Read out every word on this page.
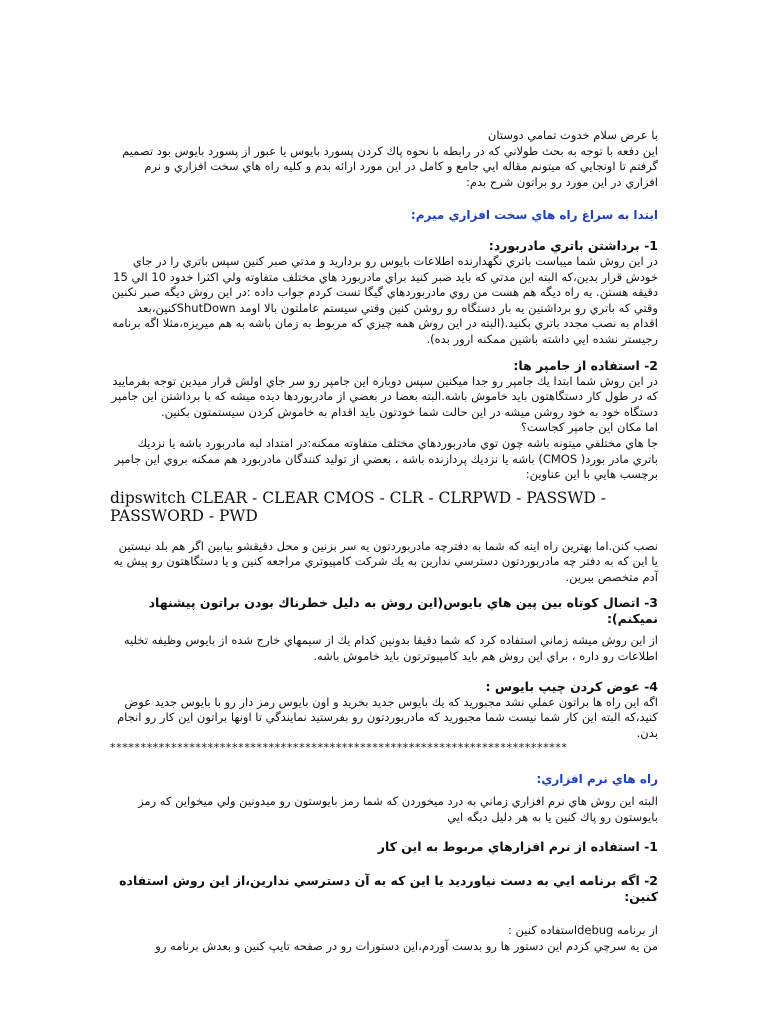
با عرض سلام خدوت تمامي دوستان

اين دفعه با توجه به بحث طولاني كه در رابطه با نحوه پاك كردن پسورد بايوس يا عبور از پسورد بايوس بود تصميم گرفتم تا اونجايي كه ميتونم مقاله ايي جامع و كامل در اين مورد ارائه بدم و كليه راه هاي سخت افزاري و نرم افزاري در اين مورد رو براتون شرح بدم:

ابتدا به سراغ راه هاي سخت افزاري ميرم:

1- برداشتن باتري مادربورد:

در اين روش شما ميباست باتري نگهدارنده اطلاعات بايوس رو برداريد و مدتي صبر كنين سپس باتري را در جاي خودش قرار بدين،كه البته اين مدتي كه بايد صبر كنيد براي مادربورد هاي مختلف متفاوته ولي اكثرا خدود 10 الي 15 دقيقه هستن. يه راه ديگه هم هست من روي مادربوردهاي گيگا تست كردم جواب داده :در اين روش ديگه صبر نكنين وقتي كه باتري رو برداشتين يه بار دستگاه رو روشن كنين وقتي سيستم عاملتون بالا اومد ShutDownكنين،بعد اقدام به نصب مجدد باتري بكنيد.(البته در اين روش همه چيزي كه مربوط به زمان باشه به هم ميريزه،مثلا اگه برنامه رجيستر نشده ايي داشته باشين ممكنه ارور بده).

2- استفاده از جامپر ها:

در اين روش شما ابتدا يك جامپر رو جدا ميكنين سپس دوباره اين جامپر رو سر جاي اولش قرار ميدين توجه بفرماييد كه در طول كار دستگاهتون بايد خاموش باشه.البته بعضا در بعضي از مادربوردها ديده ميشه كه با برداشتن اين جامپر دستگاه خود به خود روشن ميشه در اين حالت شما خودتون بايد اقدام به خاموش كردن سيستمتون بكنين.

اما مكان اين جامپر كجاست؟

جا هاي مختلفي ميتونه باشه چون توي مادربوردهاي مختلف متفاوته ممكنه:در امتداد لبه مادربورد باشه يا نزديك باتري مادر بورد( CMOS) باشه يا نزديك پردازنده باشه ، بعضي از توليد كنندگان مادربورد هم ممكنه بروي اين جامپر برچسب هايي با اين عناوين:

dipswitch CLEAR - CLEAR CMOS - CLR - CLRPWD - PASSWD - PASSWORD - PWD

نصب كنن.اما بهترين راه اينه كه شما به دفترچه مادربوردتون يه سر بزنين و محل دقيقشو بيابين اگر هم بلد نيستين يا اين كه به دفتر چه مادربوردتون دسترسي ندارين به يك شركت كامپيوتري مراجعه كنين و يا دستگاهتون رو پيش يه آدم متخصص ببرين.

3- اتصال كوتاه بين پين هاي بايوس(اين روش به دليل خطرناك بودن براتون پيشنهاد نميكنم):

از اين روش ميشه زماني استفاده كرد كه شما دقيقا بدونين كدام يك از سيمهاي خارج شده از بايوس وظيفه تخليه اطلاعات رو داره ، براي اين روش هم بايد كامپيوترتون بايد خاموش باشه.

4- عوض كردن چيپ بايوس :

اگه اين راه ها براتون عملي نشد مجبوريد كه يك بايوس جديد بخريد و اون بايوس رمز دار رو با بايوس جديد عوض كنيد،كه البته اين كار شما نيست شما مجبوريد كه مادربوردتون رو بفرستيد نمايندگي تا اونها براتون اين كار رو انجام بدن.

***************************************************************************

راه هاي نرم افزاري:

البته اين روش هاي نرم افزاري زماني به درد ميخوردن كه شما رمز بايوستون رو ميدونين ولي ميخواين كه رمز بايوستون رو پاك كنين يا به هر دليل ديگه ايي

1- استفاده از نرم افزارهاي مربوط به اين كار

2- اگه برنامه ايي به دست نياورديد يا اين كه به آن دسترسي ندارين،از اين روش استفاده كنين:

از برنامه debugاستفاده كنين :

من يه سرچي كردم اين دستور ها رو بدست آوردم،اين دستورات رو در صفحه تايپ كنين و بعدش برنامه رو
